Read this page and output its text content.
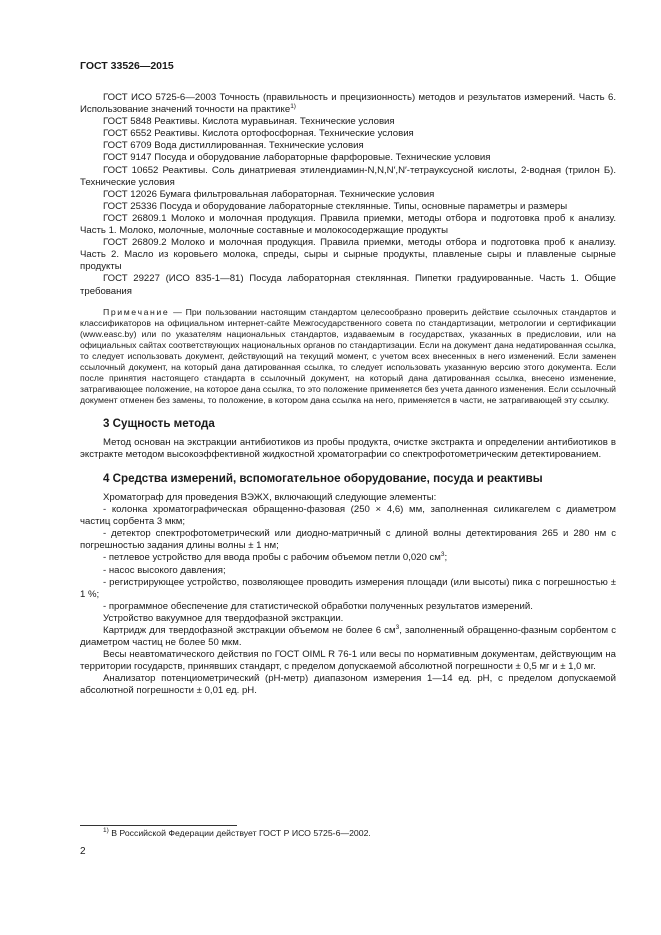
ГОСТ 33526—2015
ГОСТ ИСО 5725-6—2003 Точность (правильность и прецизионность) методов и результатов измерений. Часть 6. Использование значений точности на практике$^{1)}$
ГОСТ 5848 Реактивы. Кислота муравьиная. Технические условия
ГОСТ 6552 Реактивы. Кислота ортофосфорная. Технические условия
ГОСТ 6709 Вода дистиллированная. Технические условия
ГОСТ 9147 Посуда и оборудование лабораторные фарфоровые. Технические условия
ГОСТ 10652 Реактивы. Соль динатриевая этилендиамин-N,N,N′,N′-тетрауксусной кислоты, 2-водная (трилон Б). Технические условия
ГОСТ 12026 Бумага фильтровальная лабораторная. Технические условия
ГОСТ 25336 Посуда и оборудование лабораторные стеклянные. Типы, основные параметры и размеры
ГОСТ 26809.1 Молоко и молочная продукция. Правила приемки, методы отбора и подготовка проб к анализу. Часть 1. Молоко, молочные, молочные составные и молокосодержащие продукты
ГОСТ 26809.2 Молоко и молочная продукция. Правила приемки, методы отбора и подготовка проб к анализу. Часть 2. Масло из коровьего молока, спреды, сыры и сырные продукты, плавленые сыры и плавленые сырные продукты
ГОСТ 29227 (ИСО 835-1—81) Посуда лабораторная стеклянная. Пипетки градуированные. Часть 1. Общие требования
Примечание — При пользовании настоящим стандартом целесообразно проверить действие ссылочных стандартов и классификаторов на официальном интернет-сайте Межгосударственного совета по стандартизации, метрологии и сертификации (www.easc.by) или по указателям национальных стандартов, издаваемым в государствах, указанных в предисловии, или на официальных сайтах соответствующих национальных органов по стандартизации. Если на документ дана недатированная ссылка, то следует использовать документ, действующий на текущий момент, с учетом всех внесенных в него изменений. Если заменен ссылочный документ, на который дана датированная ссылка, то следует использовать указанную версию этого документа. Если после принятия настоящего стандарта в ссылочный документ, на который дана датированная ссылка, внесено изменение, затрагивающее положение, на которое дана ссылка, то это положение применяется без учета данного изменения. Если ссылочный документ отменен без замены, то положение, в котором дана ссылка на него, применяется в части, не затрагивающей эту ссылку.
3 Сущность метода
Метод основан на экстракции антибиотиков из пробы продукта, очистке экстракта и определении антибиотиков в экстракте методом высокоэффективной жидкостной хроматографии со спектрофотометрическим детектированием.
4 Средства измерений, вспомогательное оборудование, посуда и реактивы
Хроматограф для проведения ВЭЖХ, включающий следующие элементы:
- колонка хроматографическая обращенно-фазовая (250 × 4,6) мм, заполненная силикагелем с диаметром частиц сорбента 3 мкм;
- детектор спектрофотометрический или диодно-матричный с длиной волны детектирования 265 и 280 нм с погрешностью задания длины волны ± 1 нм;
- петлевое устройство для ввода пробы с рабочим объемом петли 0,020 $см^3$;
- насос высокого давления;
- регистрирующее устройство, позволяющее проводить измерения площади (или высоты) пика с погрешностью ± 1 %;
- программное обеспечение для статистической обработки полученных результатов измерений.
Устройство вакуумное для твердофазной экстракции.
Картридж для твердофазной экстракции объемом не более 6 $см^3$, заполненный обращенно-фазным сорбентом с диаметром частиц не более 50 мкм.
Весы неавтоматического действия по ГОСТ OIML R 76-1 или весы по нормативным документам, действующим на территории государств, принявших стандарт, с пределом допускаемой абсолютной погрешности ± 0,5 мг и ± 1,0 мг.
Анализатор потенциометрический (рН-метр) диапазоном измерения 1—14 ед. рН, с пределом допускаемой абсолютной погрешности ± 0,01 ед. рН.
$^{1)}$ В Российской Федерации действует ГОСТ Р ИСО 5725-6—2002.
2
